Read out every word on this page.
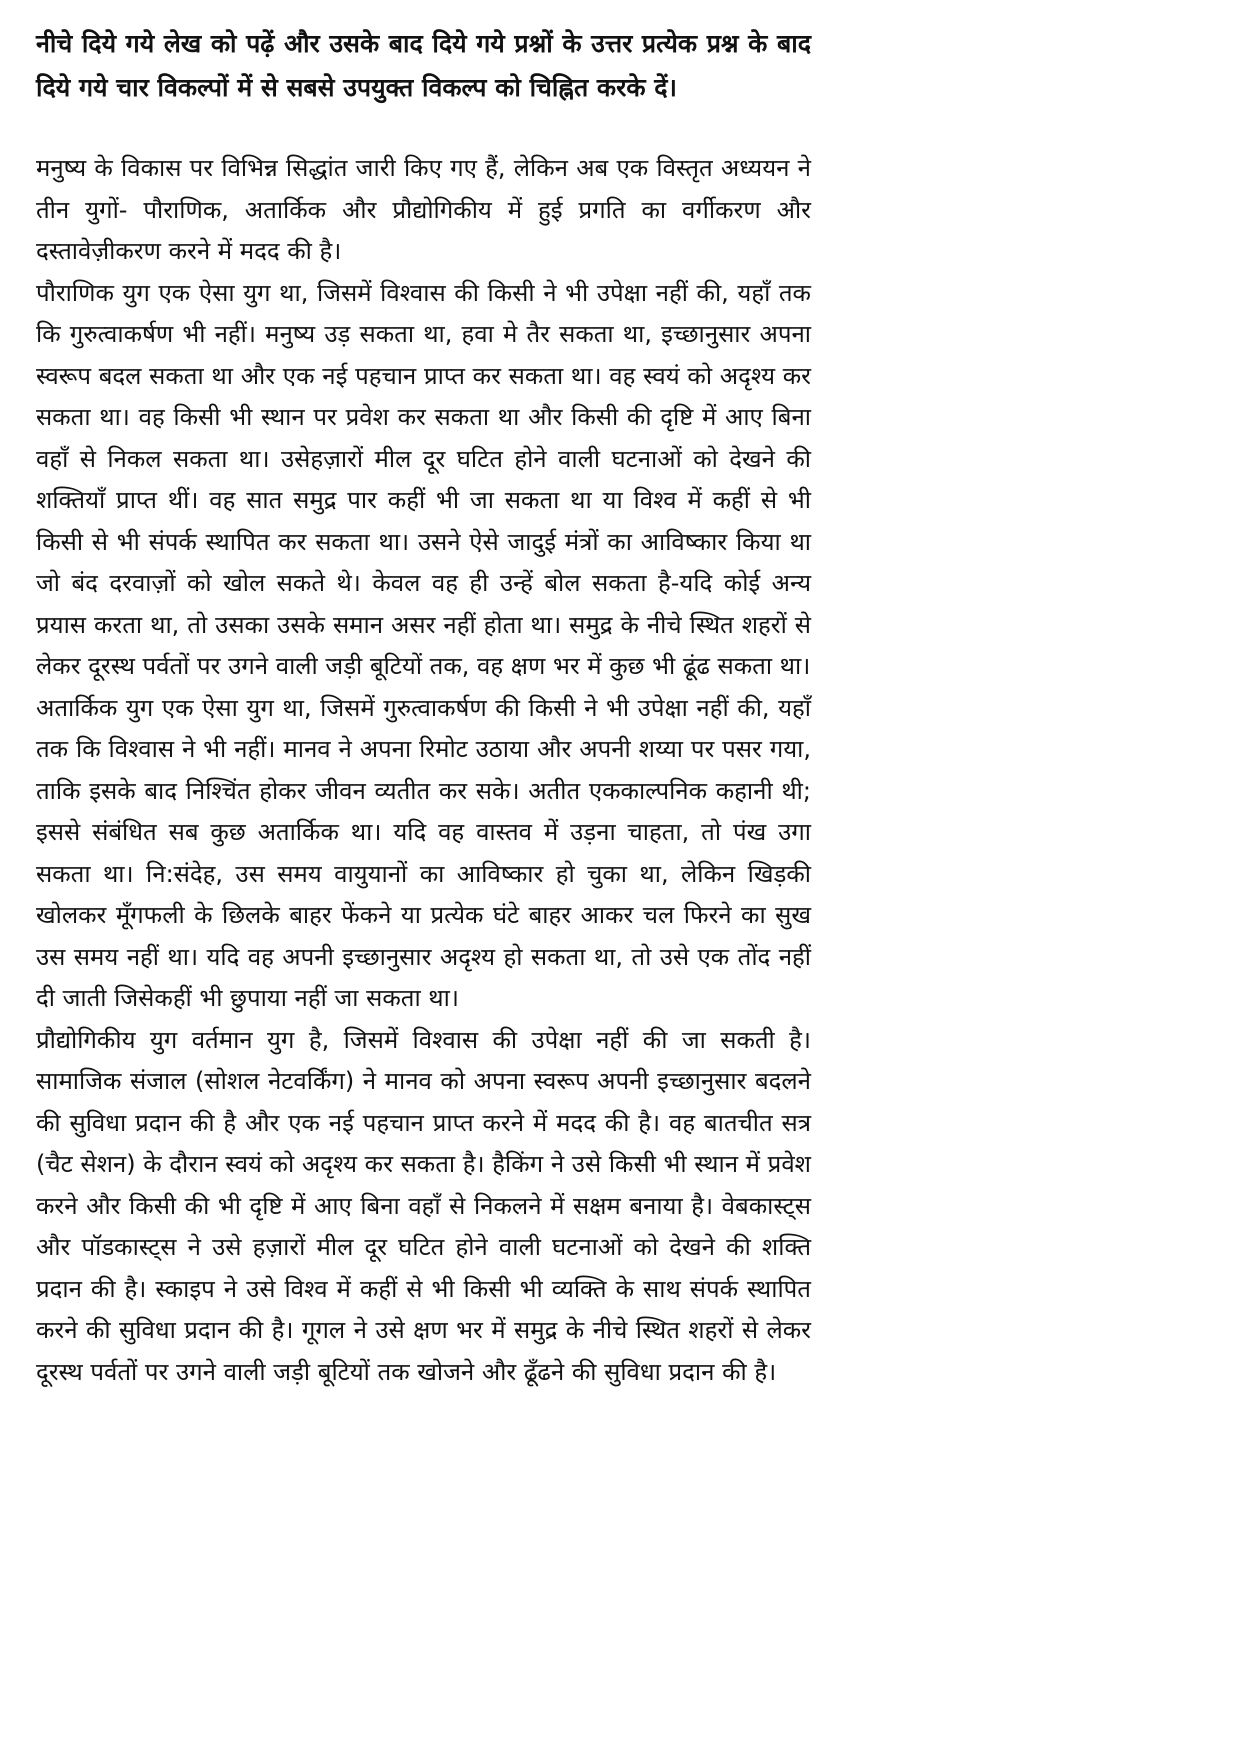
नीचे दिये गये लेख को पढ़ें और उसके बाद दिये गये प्रश्नों के उत्तर प्रत्येक प्रश्न के बाद दिये गये चार विकल्पों में से सबसे उपयुक्त विकल्प को चिह्नित करके दें।

मनुष्य के विकास पर विभिन्न सिद्धांत जारी किए गए हैं, लेकिन अब एक विस्तृत अध्ययन ने तीन युगों- पौराणिक, अतार्किक और प्रौद्योगिकीय में हुई प्रगति का वर्गीकरण और दस्तावेज़ीकरण करने में मदद की है।

पौराणिक युग एक ऐसा युग था, जिसमें विश्वास की किसी ने भी उपेक्षा नहीं की, यहाँ तक कि गुरुत्वाकर्षण भी नहीं। मनुष्य उड़ सकता था, हवा मे तैर सकता था, इच्छानुसार अपना स्वरूप बदल सकता था और एक नई पहचान प्राप्त कर सकता था। वह स्वयं को अदृश्य कर सकता था। वह किसी भी स्थान पर प्रवेश कर सकता था और किसी की दृष्टि में आए बिना वहाँ से निकल सकता था। उसेहज़ारों मील दूर घटित होने वाली घटनाओं को देखने की शक्तियाँ प्राप्त थीं। वह सात समुद्र पार कहीं भी जा सकता था या विश्व में कहीं से भी किसी से भी संपर्क स्थापित कर सकता था। उसने ऐसे जादुई मंत्रों का आविष्कार किया था जो बंद दरवाज़ों को खोल सकते थे। केवल वह ही उन्हें बोल सकता है-यदि कोई अन्य प्रयास करता था, तो उसका उसके समान असर नहीं होता था। समुद्र के नीचे स्थित शहरों से लेकर दूरस्थ पर्वतों पर उगने वाली जड़ी बूटियों तक, वह क्षण भर में कुछ भी ढूंढ सकता था।

अतार्किक युग एक ऐसा युग था, जिसमें गुरुत्वाकर्षण की किसी ने भी उपेक्षा नहीं की, यहाँ तक कि विश्वास ने भी नहीं। मानव ने अपना रिमोट उठाया और अपनी शय्या पर पसर गया, ताकि इसके बाद निश्चिंत होकर जीवन व्यतीत कर सके। अतीत एककाल्पनिक कहानी थी; इससे संबंधित सब कुछ अतार्किक था। यदि वह वास्तव में उड़ना चाहता, तो पंख उगा सकता था। नि:संदेह, उस समय वायुयानों का आविष्कार हो चुका था, लेकिन खिड़की खोलकर मूँगफली के छिलके बाहर फेंकने या प्रत्येक घंटे बाहर आकर चल फिरने का सुख उस समय नहीं था। यदि वह अपनी इच्छानुसार अदृश्य हो सकता था, तो उसे एक तोंद नहीं दी जाती जिसेकहीं भी छुपाया नहीं जा सकता था।

प्रौद्योगिकीय युग वर्तमान युग है, जिसमें विश्वास की उपेक्षा नहीं की जा सकती है। सामाजिक संजाल (सोशल नेटवर्किंग) ने मानव को अपना स्वरूप अपनी इच्छानुसार बदलने की सुविधा प्रदान की है और एक नई पहचान प्राप्त करने में मदद की है। वह बातचीत सत्र (चैट सेशन) के दौरान स्वयं को अदृश्य कर सकता है। हैकिंग ने उसे किसी भी स्थान में प्रवेश करने और किसी की भी दृष्टि में आए बिना वहाँ से निकलने में सक्षम बनाया है। वेबकास्ट्स और पॉडकास्ट्स ने उसे हज़ारों मील दूर घटित होने वाली घटनाओं को देखने की शक्ति प्रदान की है। स्काइप ने उसे विश्व में कहीं से भी किसी भी व्यक्ति के साथ संपर्क स्थापित करने की सुविधा प्रदान की है। गूगल ने उसे क्षण भर में समुद्र के नीचे स्थित शहरों से लेकर दूरस्थ पर्वतों पर उगने वाली जड़ी बूटियों तक खोजने और ढूँढने की सुविधा प्रदान की है।
